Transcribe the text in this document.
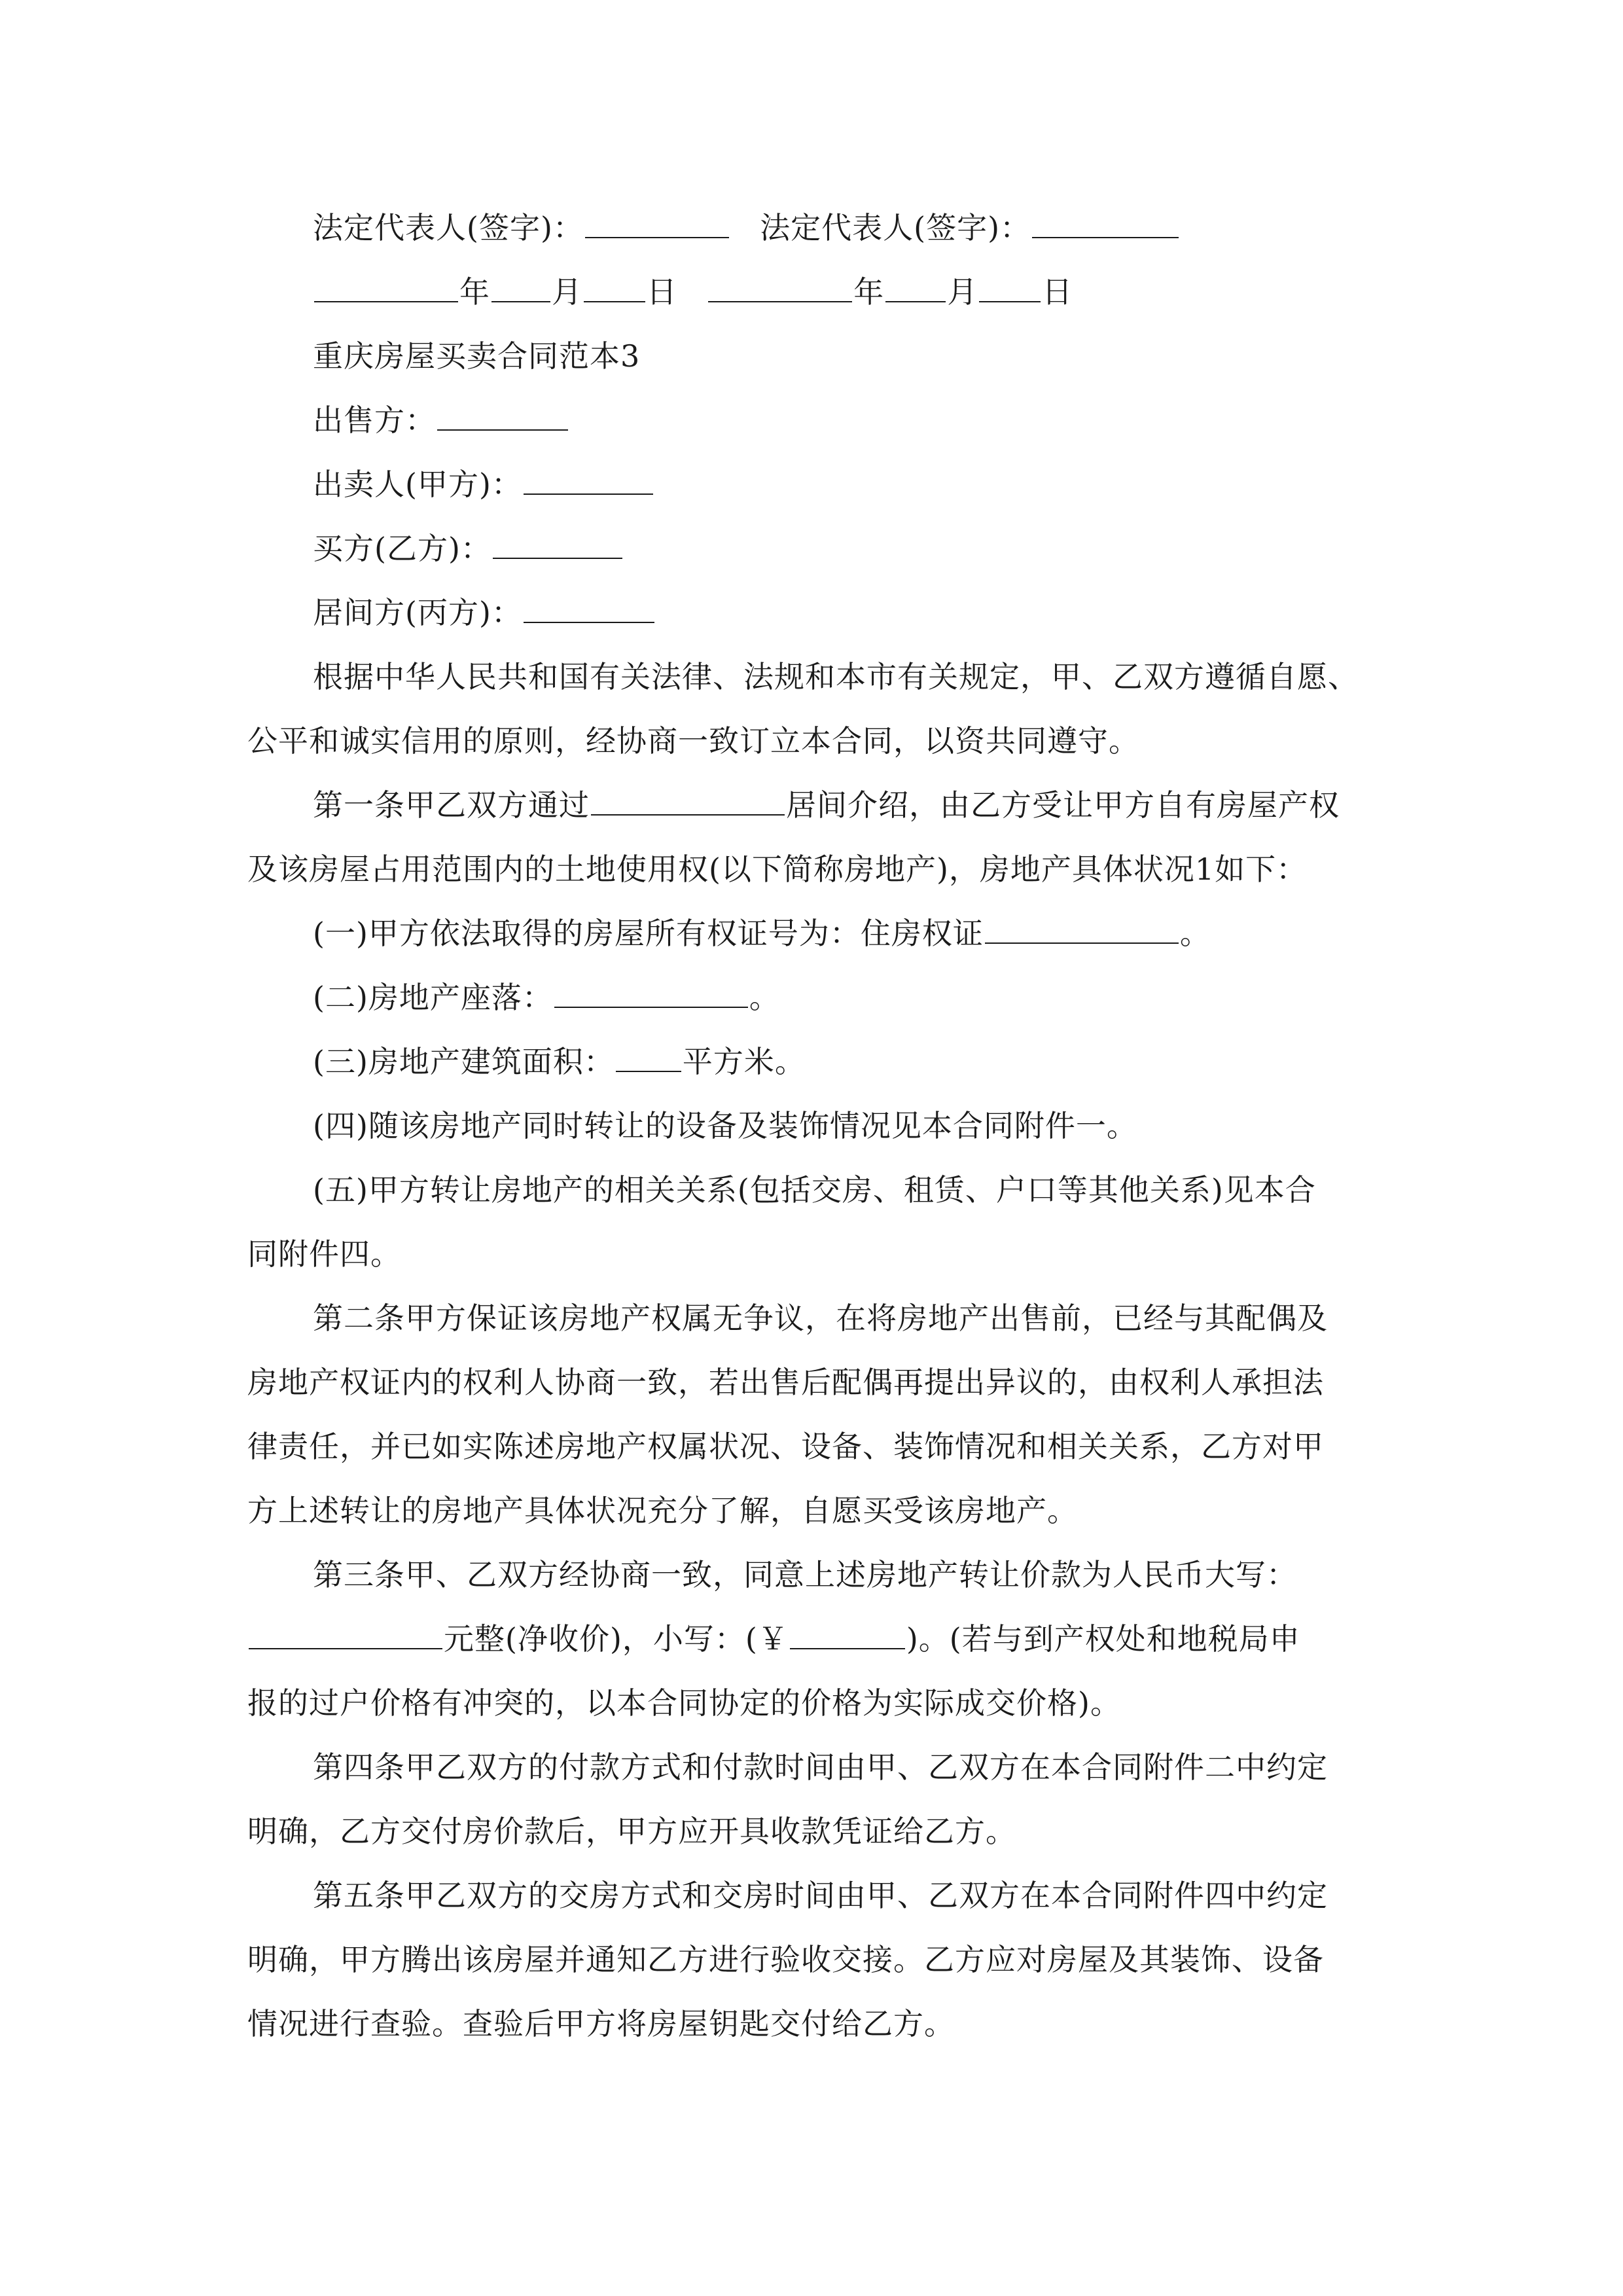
法定代表人(签字)：	法定代表人(签字)：
年 月 日	年 月 日
重庆房屋买卖合同范本3
出售方：
出卖人(甲方)：
买方(乙方)：
居间方(丙方)：
根据中华人民共和国有关法律、法规和本市有关规定，甲、乙双方遵循自愿、
公平和诚实信用的原则，经协商一致订立本合同，以资共同遵守。
第一条甲乙双方通过	居间介绍，由乙方受让甲方自有房屋产权
及该房屋占用范围内的土地使用权(以下简称房地产)，房地产具体状况1如下：
(一)甲方依法取得的房屋所有权证号为：住房权证	。
(二)房地产座落：	。
(三)房地产建筑面积： 平方米。
(四)随该房地产同时转让的设备及装饰情况见本合同附件一。
(五)甲方转让房地产的相关关系(包括交房、租赁、户口等其他关系)见本合
同附件四。
第二条甲方保证该房地产权属无争议，在将房地产出售前，已经与其配偶及
房地产权证内的权利人协商一致，若出售后配偶再提出异议的，由权利人承担法
律责任，并已如实陈述房地产权属状况、设备、装饰情况和相关关系，乙方对甲
方上述转让的房地产具体状况充分了解，自愿买受该房地产。
第三条甲、乙双方经协商一致，同意上述房地产转让价款为人民币大写：
元整(净收价)，小写：(￥	)。(若与到产权处和地税局申
报的过户价格有冲突的，以本合同协定的价格为实际成交价格)。
第四条甲乙双方的付款方式和付款时间由甲、乙双方在本合同附件二中约定
明确，乙方交付房价款后，甲方应开具收款凭证给乙方。
第五条甲乙双方的交房方式和交房时间由甲、乙双方在本合同附件四中约定
明确，甲方腾出该房屋并通知乙方进行验收交接。乙方应对房屋及其装饰、设备
情况进行查验。查验后甲方将房屋钥匙交付给乙方。
